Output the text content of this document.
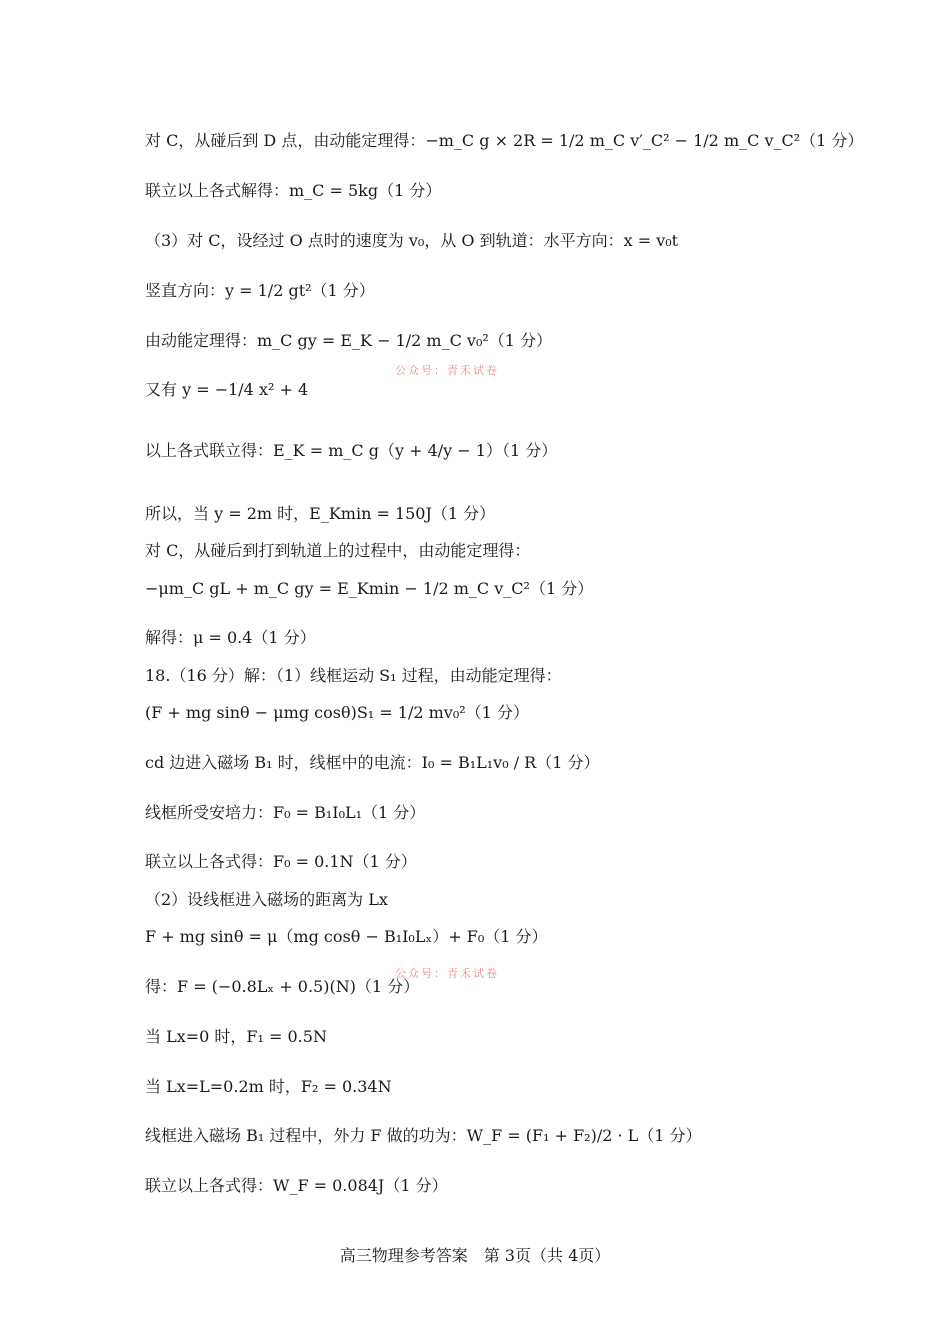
对 C，从碰后到 D 点，由动能定理得：−m_C g × 2R = 1/2 m_C v′_C² − 1/2 m_C v_C²（1 分）
联立以上各式解得：m_C = 5kg（1 分）
（3）对 C，设经过 O 点时的速度为 v₀，从 O 到轨道：水平方向：x = v₀t
竖直方向：y = 1/2 gt²（1 分）
由动能定理得：m_C gy = E_K − 1/2 m_C v₀²（1 分）
又有 y = −1/4 x² + 4
以上各式联立得：E_K = m_C g（y + 4/y − 1）（1 分）
所以，当 y = 2m 时，E_Kmin = 150J（1 分）
对 C，从碰后到打到轨道上的过程中，由动能定理得：
−μm_C gL + m_C gy = E_Kmin − 1/2 m_C v_C²（1 分）
解得：μ = 0.4（1 分）
18.（16 分）解：（1）线框运动 S₁ 过程，由动能定理得：
(F + mg sinθ − μmg cosθ)S₁ = 1/2 mv₀²（1 分）
cd 边进入磁场 B₁ 时，线框中的电流：I₀ = B₁L₁v₀ / R（1 分）
线框所受安培力：F₀ = B₁I₀L₁（1 分）
联立以上各式得：F₀ = 0.1N（1 分）
（2）设线框进入磁场的距离为 Lx
F + mg sinθ = μ（mg cosθ − B₁I₀Lₓ）+ F₀（1 分）
得：F = (−0.8Lₓ + 0.5)(N)（1 分）
当 Lx=0 时，F₁ = 0.5N
当 Lx=L=0.2m 时，F₂ = 0.34N
线框进入磁场 B₁ 过程中，外力 F 做的功为：W_F = (F₁ + F₂)/2 · L（1 分）
联立以上各式得：W_F = 0.084J（1 分）
公众号：青禾试卷
公众号：青禾试卷
高三物理参考答案　第 3页（共 4页）
